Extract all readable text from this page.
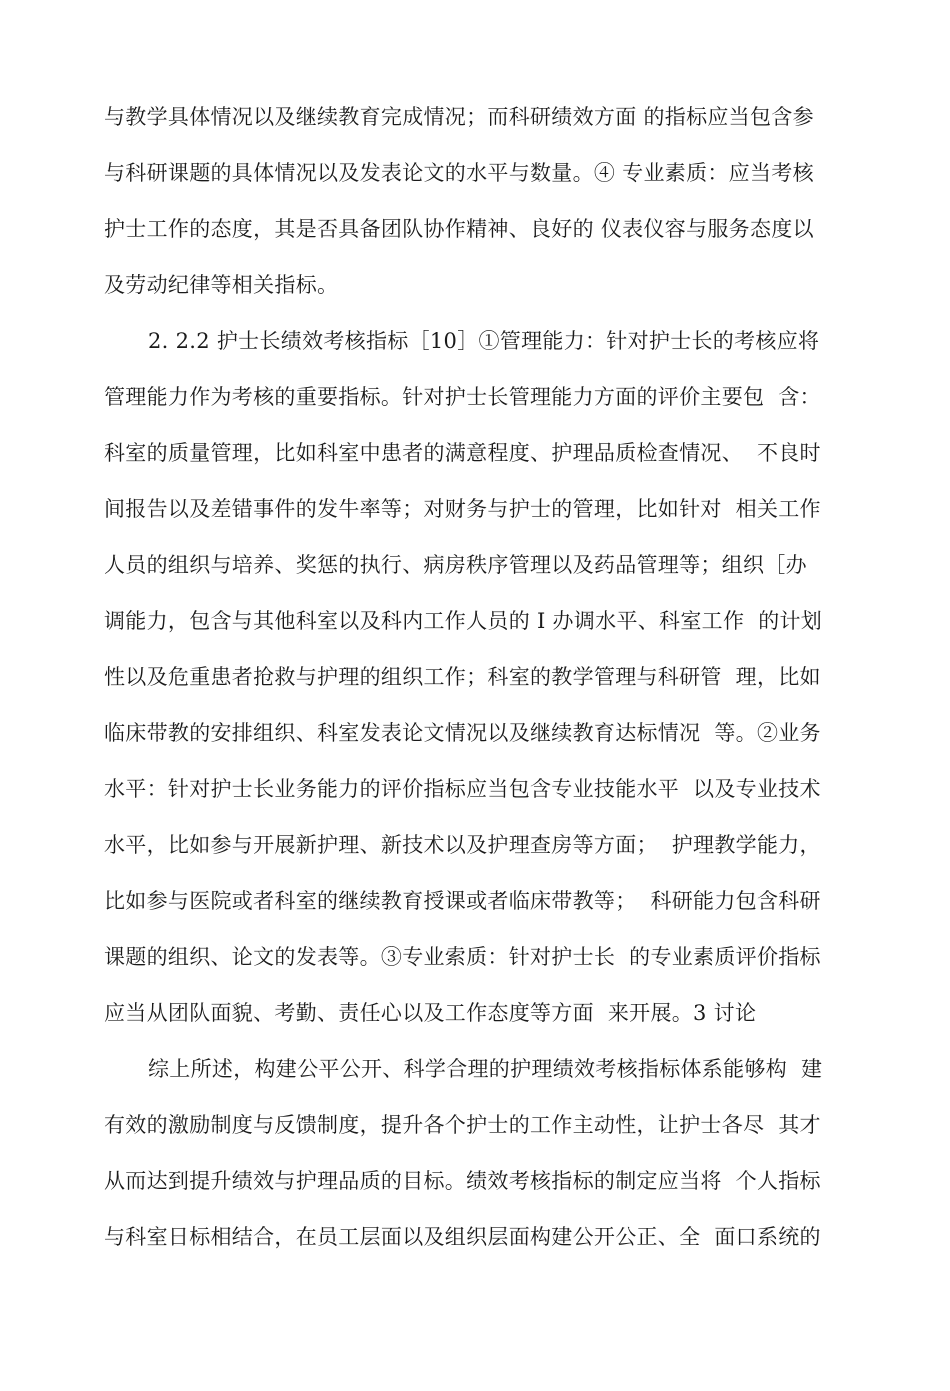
与教学具体情况以及继续教育完成情况；而科研绩效方面 的指标应当包含参
与科研课题的具体情况以及发表论文的水平与数量。④ 专业素质：应当考核
护士工作的态度，其是否具备团队协作精神、良好的 仪表仪容与服务态度以
及劳动纪律等相关指标。
2. 2.2 护士长绩效考核指标［10］①管理能力：针对护士长的考核应将
管理能力作为考核的重要指标。针对护士长管理能力方面的评价主要包  含：
科室的质量管理，比如科室中患者的满意程度、护理品质检查情况、  不良时
间报告以及差错事件的发牛率等；对财务与护士的管理，比如针对  相关工作
人员的组织与培养、奖惩的执行、病房秩序管理以及药品管理等；组织［办
调能力，包含与其他科室以及科内工作人员的 I 办调水平、科室工作  的计划
性以及危重患者抢救与护理的组织工作；科室的教学管理与科研管  理，比如
临床带教的安排组织、科室发表论文情况以及继续教育达标情况  等。②业务
水平：针对护士长业务能力的评价指标应当包含专业技能水平  以及专业技术
水平，比如参与开展新护理、新技术以及护理查房等方面；  护理教学能力，
比如参与医院或者科室的继续教育授课或者临床带教等；  科研能力包含科研
课题的组织、论文的发表等。③专业索质：针对护士长  的专业素质评价指标
应当从团队面貌、考勤、责任心以及工作态度等方面  来开展。3 讨论
综上所述，构建公平公开、科学合理的护理绩效考核指标体系能够构  建
有效的激励制度与反馈制度，提升各个护士的工作主动性，让护士各尽  其才
从而达到提升绩效与护理品质的目标。绩效考核指标的制定应当将  个人指标
与科室日标相结合，在员工层面以及组织层面构建公开公正、全  面口系统的
